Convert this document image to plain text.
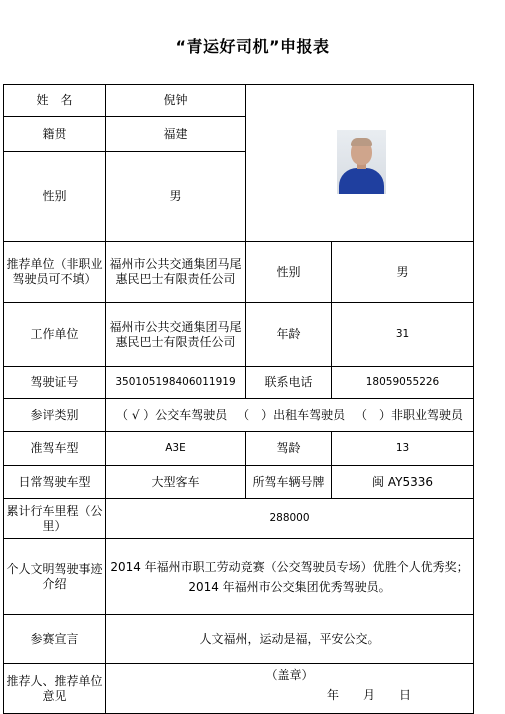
“青运好司机”申报表
姓　名	倪钟		

籍贯	福建		
性别	男		
推荐单位（非职业驾驶员可不填）	福州市公共交通集团马尾惠民巴士有限责任公司	性别	男
工作单位	福州市公共交通集团马尾惠民巴士有限责任公司	年龄	31
驾驶证号	350105198406011919	联系电话	18059055226
参评类别	（ √ ）公交车驾驶员 （　）出租车驾驶员 （　）非职业驾驶员		
准驾车型	A3E	驾龄	13
日常驾驶车型	大型客车	所驾车辆号牌	闽 AY5336
累计行车里程（公里）	288000		
个人文明驾驶事迹介绍	2014 年福州市职工劳动竞赛（公交驾驶员专场）优胜个人优秀奖；
2014 年福州市公交集团优秀驾驶员。		

参赛宣言	人文福州，运动是福，平安公交。		
推荐人、推荐单位意见	（盖章）
年　　月　　日		
